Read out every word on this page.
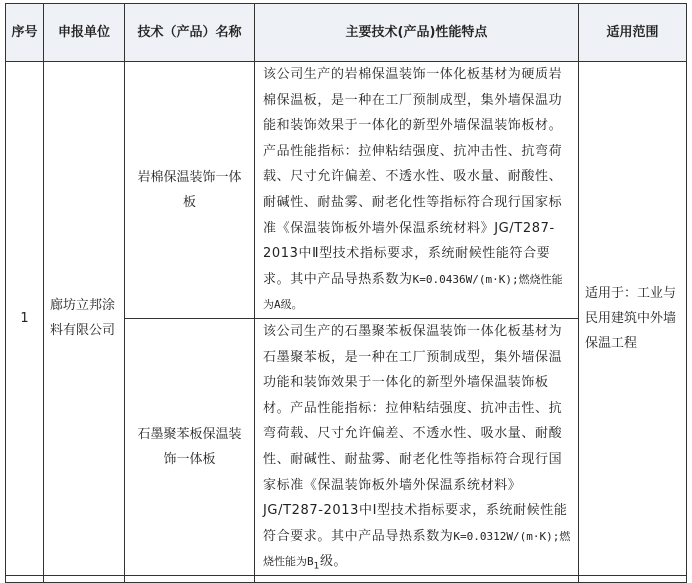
序号	申报单位	技术（产品）名称	主要技术(产品)性能特点	适用范围
1	廊坊立邦涂料有限公司	岩棉保温装饰一体板	该公司生产的岩棉保温装饰一体化板基材为硬质岩棉保温板，是一种在工厂预制成型，集外墙保温功能和装饰效果于一体化的新型外墙保温装饰板材。产品性能指标：拉伸粘结强度、抗冲击性、抗弯荷载、尺寸允许偏差、不透水性、吸水量、耐酸性、耐碱性、耐盐雾、耐老化性等指标符合现行国家标准《保温装饰板外墙外保温系统材料》JG/T287-2013中Ⅱ型技术指标要求，系统耐候性能符合要求。其中产品导热系数为K=0.0436W/(m·K);燃烧性能为A级。	适用于：工业与民用建筑中外墙保温工程
		石墨聚苯板保温装饰一体板	该公司生产的石墨聚苯板保温装饰一体化板基材为石墨聚苯板，是一种在工厂预制成型，集外墙保温功能和装饰效果于一体化的新型外墙保温装饰板材。产品性能指标：拉伸粘结强度、抗冲击性、抗弯荷载、尺寸允许偏差、不透水性、吸水量、耐酸性、耐碱性、耐盐雾、耐老化性等指标符合现行国家标准《保温装饰板外墙外保温系统材料》JG/T287-2013中Ⅰ型技术指标要求，系统耐候性能符合要求。其中产品导热系数为K=0.0312W/(m·K);燃烧性能为$B_1$级。	
